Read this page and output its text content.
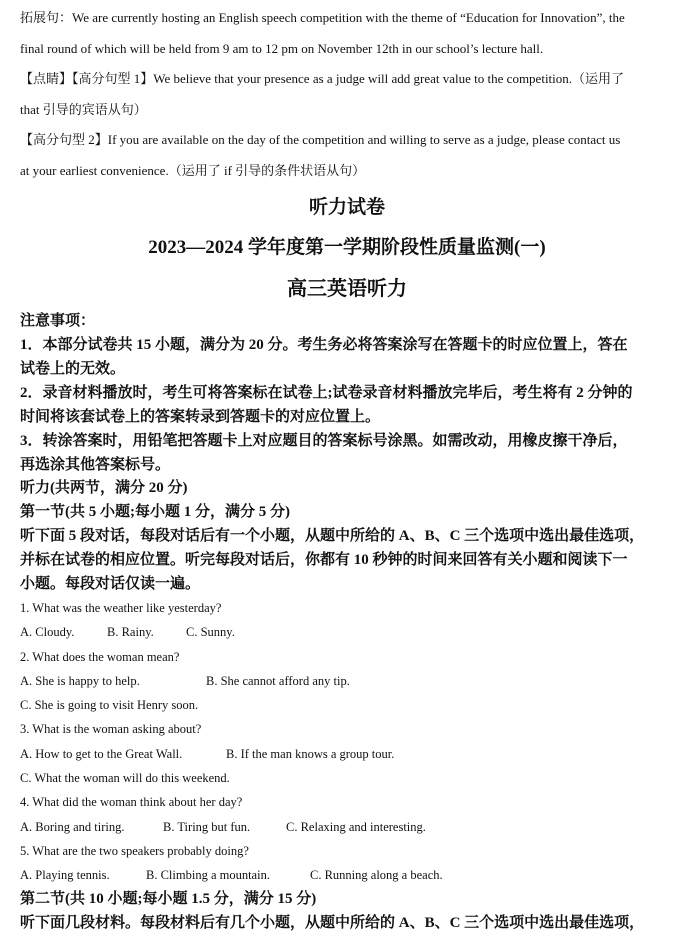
拓展句：We are currently hosting an English speech competition with the theme of “Education for Innovation”, the

final round of which will be held from 9 am to 12 pm on November 12th in our school’s lecture hall.

【点睛】【高分句型 1】We believe that your presence as a judge will add great value to the competition.（运用了

that 引导的宾语从句）

【高分句型 2】If you are available on the day of the competition and willing to serve as a judge, please contact us

at your earliest convenience.（运用了 if 引导的条件状语从句）

听力试卷

2023—2024 学年度第一学期阶段性质量监测(一)

高三英语听力

注意事项：

1．本部分试卷共 15 小题，满分为 20 分。考生务必将答案涂写在答题卡的时应位置上，答在

试卷上的无效。

2．录音材料播放时，考生可将答案标在试卷上;试卷录音材料播放完毕后，考生将有 2 分钟的

时间将该套试卷上的答案转录到答题卡的对应位置上。

3．转涂答案时，用铅笔把答题卡上对应题目的答案标号涂黑。如需改动，用橡皮擦干净后，

再选涂其他答案标号。

听力(共两节，满分 20 分)

第一节(共 5 小题;每小题 1 分，满分 5 分)

听下面 5 段对话，每段对话后有一个小题，从题中所给的 A、B、C 三个选项中选出最佳选项，

并标在试卷的相应位置。听完每段对话后，你都有 10 秒钟的时间来回答有关小题和阅读下一

小题。每段对话仅读一遍。

1. What was the weather like yesterday?

A. Cloudy.	B. Rainy.	C. Sunny.

2. What does the woman mean?

A. She is happy to help.	B. She cannot afford any tip.

C. She is going to visit Henry soon.

3. What is the woman asking about?

A. How to get to the Great Wall.	B. If the man knows a group tour.

C. What the woman will do this weekend.

4. What did the woman think about her day?

A. Boring and tiring.	B. Tiring but fun.	C. Relaxing and interesting.

5. What are the two speakers probably doing?

A. Playing tennis.	B. Climbing a mountain.	C. Running along a beach.

第二节(共 10 小题;每小题 1.5 分，满分 15 分)

听下面几段材料。每段材料后有几个小题，从题中所给的 A、B、C 三个选项中选出最佳选项，
